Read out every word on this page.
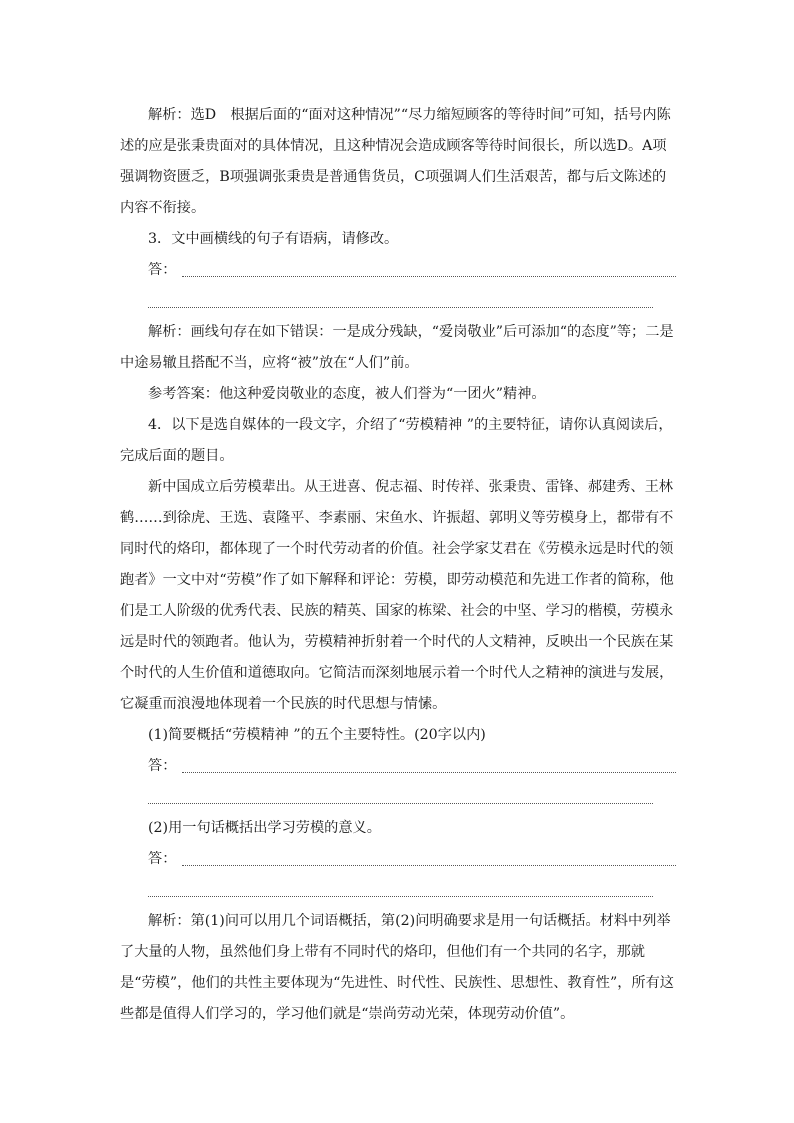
解析：选D　根据后面的“面对这种情况”“尽力缩短顾客的等待时间”可知，括号内陈述的应是张秉贵面对的具体情况，且这种情况会造成顾客等待时间很长，所以选D。A项强调物资匮乏，B项强调张秉贵是普通售货员，C项强调人们生活艰苦，都与后文陈述的内容不衔接。

3．文中画横线的句子有语病，请修改。

答：

解析：画线句存在如下错误：一是成分残缺，“爱岗敬业”后可添加“的态度”等；二是中途易辙且搭配不当，应将“被”放在“人们”前。

参考答案：他这种爱岗敬业的态度，被人们誉为“一团火”精神。

4．以下是选自媒体的一段文字，介绍了“劳模精神 ”的主要特征，请你认真阅读后，完成后面的题目。

新中国成立后劳模辈出。从王进喜、倪志福、时传祥、张秉贵、雷锋、郝建秀、王林鹤……到徐虎、王选、袁隆平、李素丽、宋鱼水、许振超、郭明义等劳模身上，都带有不同时代的烙印，都体现了一个时代劳动者的价值。社会学家艾君在《劳模永远是时代的领跑者》一文中对“劳模”作了如下解释和评论：劳模，即劳动模范和先进工作者的简称，他们是工人阶级的优秀代表、民族的精英、国家的栋梁、社会的中坚、学习的楷模，劳模永远是时代的领跑者。他认为，劳模精神折射着一个时代的人文精神，反映出一个民族在某个时代的人生价值和道德取向。它简洁而深刻地展示着一个时代人之精神的演进与发展，它凝重而浪漫地体现着一个民族的时代思想与情愫。

(1)简要概括“劳模精神 ”的五个主要特性。(20字以内)

答：

(2)用一句话概括出学习劳模的意义。

答：

解析：第(1)问可以用几个词语概括，第(2)问明确要求是用一句话概括。材料中列举了大量的人物，虽然他们身上带有不同时代的烙印，但他们有一个共同的名字，那就是“劳模”，他们的共性主要体现为“先进性、时代性、民族性、思想性、教育性”，所有这些都是值得人们学习的，学习他们就是“崇尚劳动光荣，体现劳动价值”。
